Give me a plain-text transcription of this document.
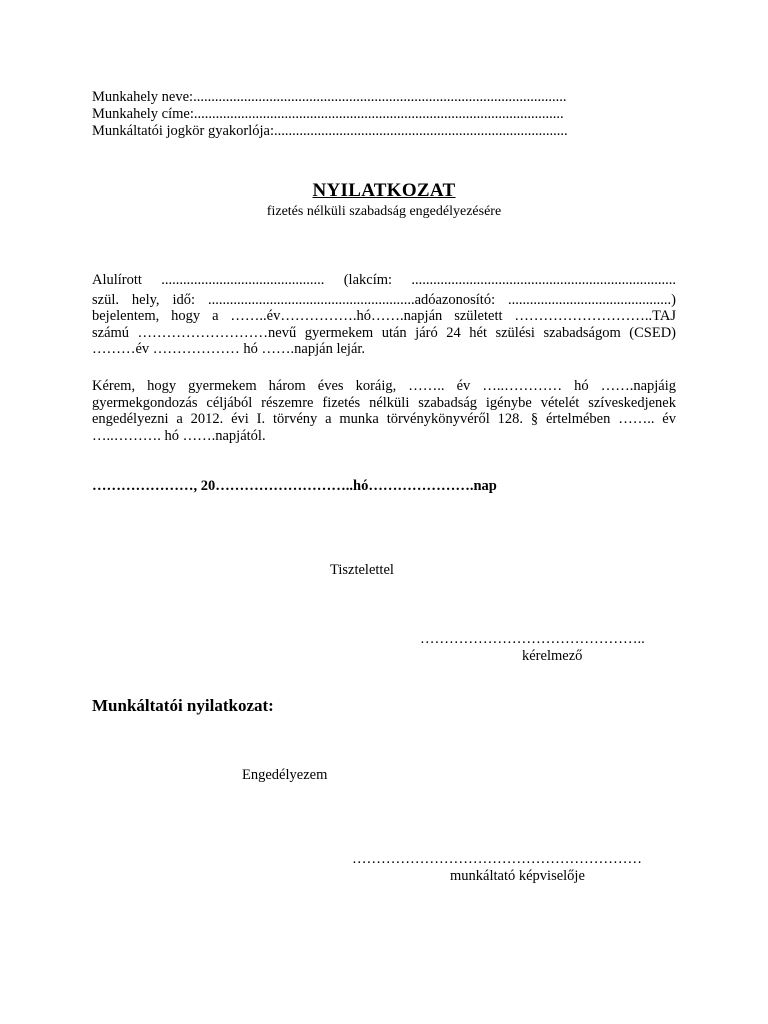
Munkahely neve:.......................................................................................................
Munkahely címe:......................................................................................................
Munkáltatói jogkör gyakorlója:.................................................................................
NYILATKOZAT
fizetés nélküli szabadság engedélyezésére
Alulírott ............................................. (lakcím: .........................................................................
szül. hely, idő: .........................................................adóazonosító: .............................................)
bejelentem, hogy a ……..év…………….hó…….napján született ………………………..TAJ
számú ………………………nevű gyermekem után járó 24 hét szülési szabadságom (CSED)
………év ……………… hó …….napján lejár.
Kérem, hogy gyermekem három éves koráig, …….. év …..………… hó …….napjáig
gyermekgondozás céljából részemre fizetés nélküli szabadság igénybe vételét szíveskedjenek
engedélyezni a 2012. évi I. törvény a munka törvénykönyvéről 128. § értelmében …….. év
…..………. hó …….napjától.
…………………, 20………………………..hó………………….nap
Tisztelettel
………………………………………..
kérelmező
Munkáltatói nyilatkozat:
Engedélyezem
……………………………………………………
munkáltató képviselője
